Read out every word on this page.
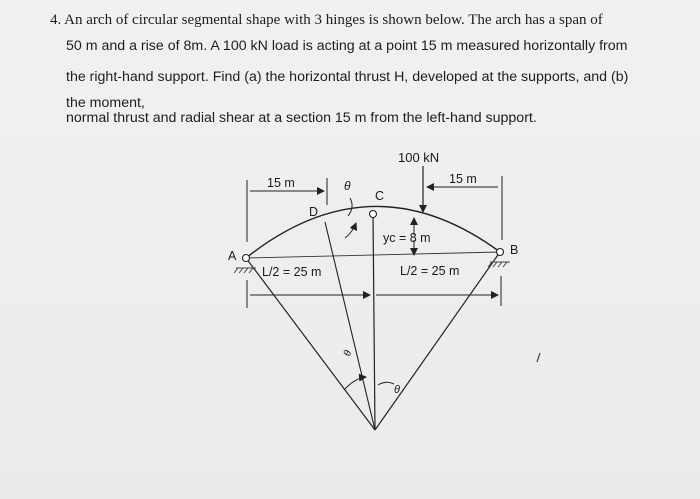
4. An arch of circular segmental shape with 3 hinges is shown below. The arch has a span of
50 m and a rise of 8m. A 100 kN load is acting at a point 15 m measured horizontally from
the right-hand support. Find (a) the horizontal thrust H, developed at the supports, and (b)
the moment,
normal thrust and radial shear at a section 15 m from the left-hand support.
100 kN
15 m	15 m
A	B
C
D
θ
yc = 8 m
L/2 = 25 m	L/2 = 25 m
θ
θ
